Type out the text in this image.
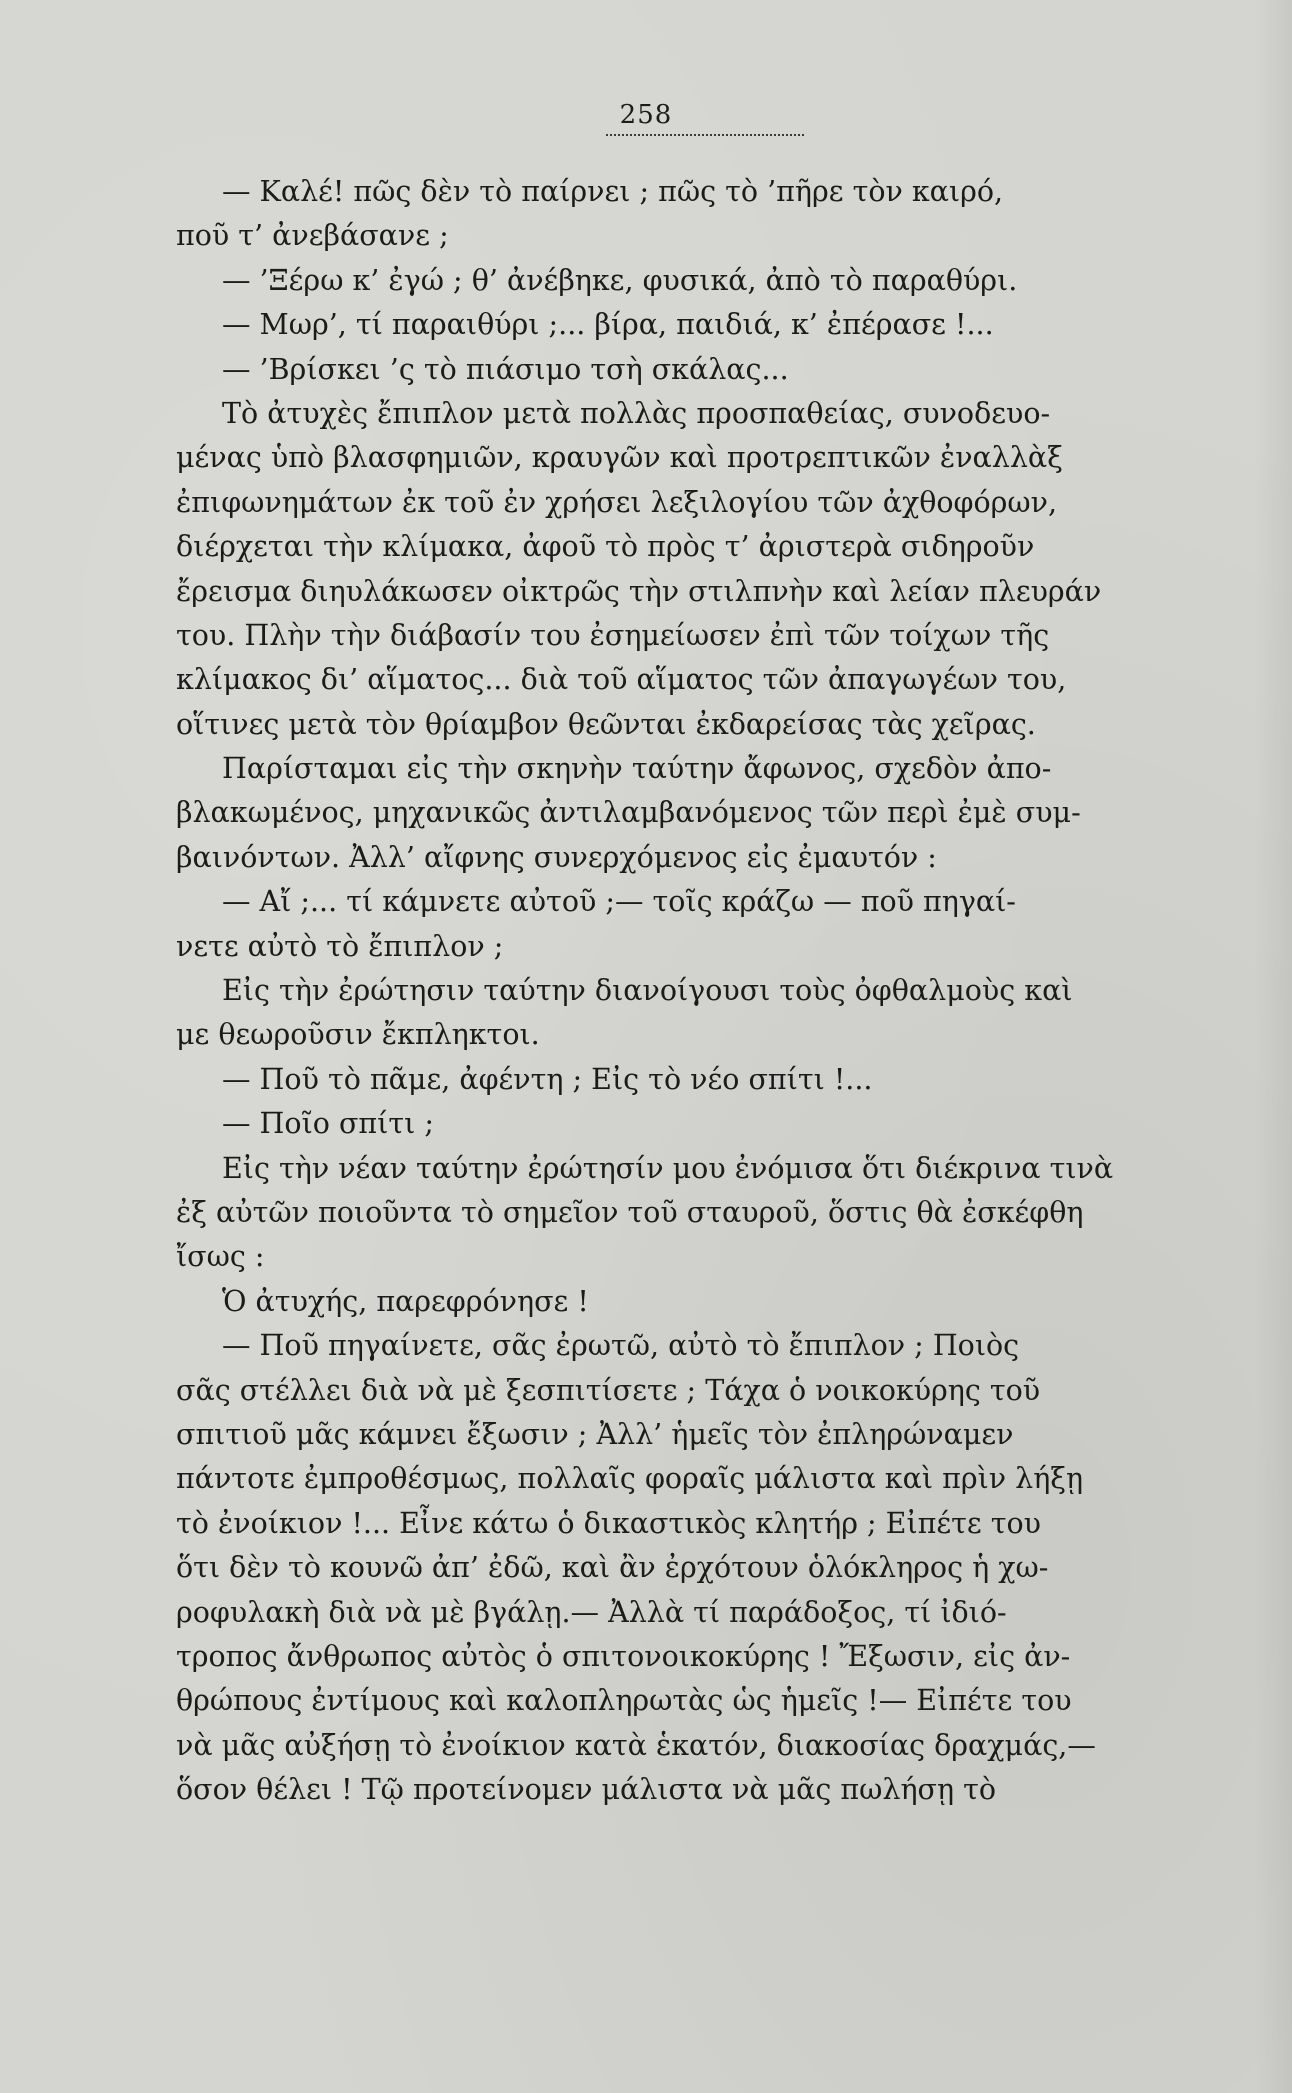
258
— Καλέ! πῶς δὲν τὸ παίρνει ; πῶς τὸ ’πῆρε τὸν καιρό,
ποῦ τ’ ἀνεβάσανε ;
— ’Ξέρω κ’ ἐγώ ; θ’ ἀνέβηκε, φυσικά, ἀπὸ τὸ παραθύρι.
— Μωρ’, τί παραιθύρι ;... βίρα, παιδιά, κ’ ἐπέρασε !...
— ’Βρίσκει ’ς τὸ πιάσιμο τσὴ σκάλας...
Τὸ ἀτυχὲς ἔπιπλον μετὰ πολλὰς προσπαθείας, συνοδευο-
μένας ὑπὸ βλασφημιῶν, κραυγῶν καὶ προτρεπτικῶν ἐναλλὰξ
ἐπιφωνημάτων ἐκ τοῦ ἐν χρήσει λεξιλογίου τῶν ἀχθοφόρων,
διέρχεται τὴν κλίμακα, ἀφοῦ τὸ πρὸς τ’ ἀριστερὰ σιδηροῦν
ἔρεισμα διηυλάκωσεν οἰκτρῶς τὴν στιλπνὴν καὶ λείαν πλευράν
του. Πλὴν τὴν διάβασίν του ἐσημείωσεν ἐπὶ τῶν τοίχων τῆς
κλίμακος δι’ αἵματος... διὰ τοῦ αἵματος τῶν ἀπαγωγέων του,
οἵτινες μετὰ τὸν θρίαμβον θεῶνται ἐκδαρείσας τὰς χεῖρας.
Παρίσταμαι εἰς τὴν σκηνὴν ταύτην ἄφωνος, σχεδὸν ἀπο-
βλακωμένος, μηχανικῶς ἀντιλαμβανόμενος τῶν περὶ ἐμὲ συμ-
βαινόντων. Ἀλλ’ αἴφνης συνερχόμενος εἰς ἐμαυτόν :
— Αἴ ;... τί κάμνετε αὐτοῦ ;— τοῖς κράζω — ποῦ πηγαί-
νετε αὐτὸ τὸ ἔπιπλον ;
Εἰς τὴν ἐρώτησιν ταύτην διανοίγουσι τοὺς ὀφθαλμοὺς καὶ
με θεωροῦσιν ἔκπληκτοι.
— Ποῦ τὸ πᾶμε, ἀφέντη ; Εἰς τὸ νέο σπίτι !...
— Ποῖο σπίτι ;
Εἰς τὴν νέαν ταύτην ἐρώτησίν μου ἐνόμισα ὅτι διέκρινα τινὰ
ἐξ αὐτῶν ποιοῦντα τὸ σημεῖον τοῦ σταυροῦ, ὅστις θὰ ἐσκέφθη
ἴσως :
Ὁ ἀτυχής, παρεφρόνησε !
— Ποῦ πηγαίνετε, σᾶς ἐρωτῶ, αὐτὸ τὸ ἔπιπλον ; Ποιὸς
σᾶς στέλλει διὰ νὰ μὲ ξεσπιτίσετε ; Τάχα ὁ νοικοκύρης τοῦ
σπιτιοῦ μᾶς κάμνει ἔξωσιν ; Ἀλλ’ ἡμεῖς τὸν ἐπληρώναμεν
πάντοτε ἐμπροθέσμως, πολλαῖς φοραῖς μάλιστα καὶ πρὶν λήξῃ
τὸ ἐνοίκιον !... Εἶνε κάτω ὁ δικαστικὸς κλητήρ ; Εἰπέτε του
ὅτι δὲν τὸ κουνῶ ἀπ’ ἐδῶ, καὶ ἂν ἐρχότουν ὁλόκληρος ἡ χω-
ροφυλακὴ διὰ νὰ μὲ βγάλῃ.— Ἀλλὰ τί παράδοξος, τί ἰδιό-
τροπος ἄνθρωπος αὐτὸς ὁ σπιτονοικοκύρης ! Ἔξωσιν, εἰς ἀν-
θρώπους ἐντίμους καὶ καλοπληρωτὰς ὡς ἡμεῖς !— Εἰπέτε του
νὰ μᾶς αὐξήσῃ τὸ ἐνοίκιον κατὰ ἑκατόν, διακοσίας δραχμάς,—
ὅσον θέλει ! Τῷ προτείνομεν μάλιστα νὰ μᾶς πωλήσῃ τὸ
